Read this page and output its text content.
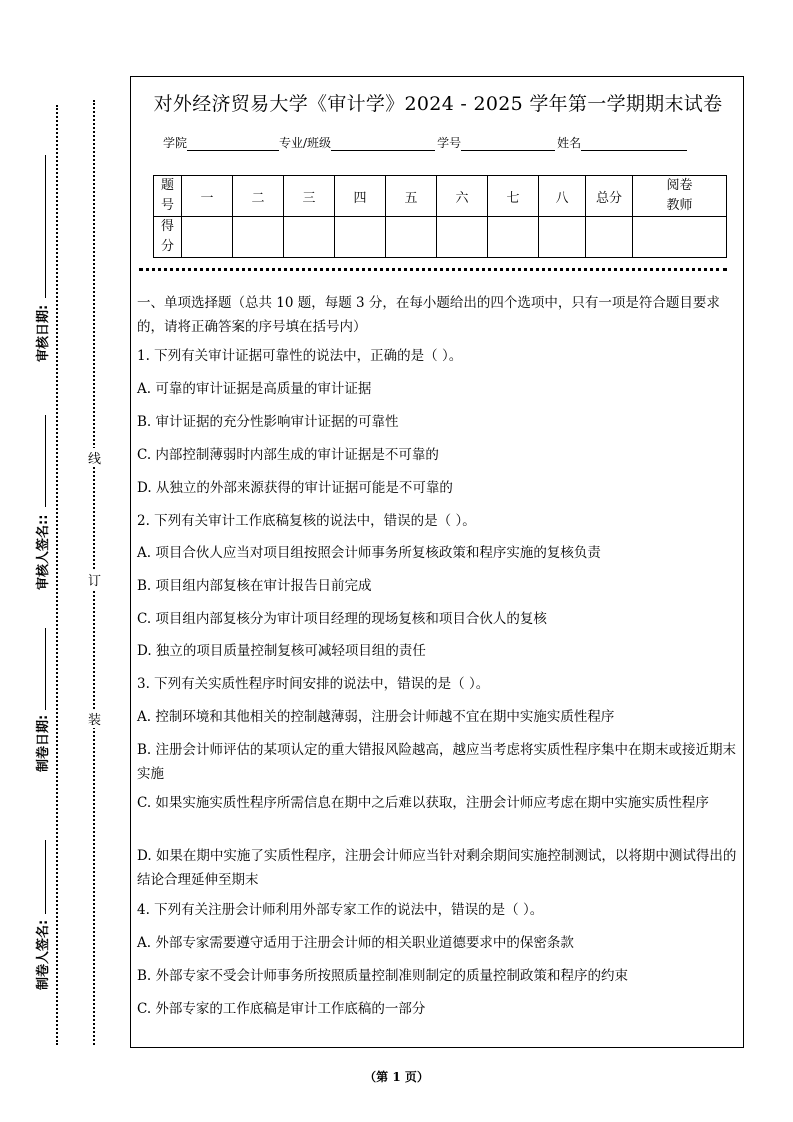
审核日期:
审核人签名::
制卷日期:
制卷人签名:
线
订
装
对外经济贸易大学《审计学》2024 - 2025 学年第一学期期末试卷
学院	专业/班级	学号	姓名
题
号	一	二	三	四	五	六	七	八	总分	阅卷
教师
得
分										
一、单项选择题（总共 10 题，每题 3 分，在每小题给出的四个选项中，只有一项是符合题目要求的，请将正确答案的序号填在括号内）
1. 下列有关审计证据可靠性的说法中，正确的是（ ）。
A. 可靠的审计证据是高质量的审计证据
B. 审计证据的充分性影响审计证据的可靠性
C. 内部控制薄弱时内部生成的审计证据是不可靠的
D. 从独立的外部来源获得的审计证据可能是不可靠的
2. 下列有关审计工作底稿复核的说法中，错误的是（ ）。
A. 项目合伙人应当对项目组按照会计师事务所复核政策和程序实施的复核负责
B. 项目组内部复核在审计报告日前完成
C. 项目组内部复核分为审计项目经理的现场复核和项目合伙人的复核
D. 独立的项目质量控制复核可减轻项目组的责任
3. 下列有关实质性程序时间安排的说法中，错误的是（ ）。
A. 控制环境和其他相关的控制越薄弱，注册会计师越不宜在期中实施实质性程序
B. 注册会计师评估的某项认定的重大错报风险越高，越应当考虑将实质性程序集中在期末或接近期末实施
C. 如果实施实质性程序所需信息在期中之后难以获取，注册会计师应考虑在期中实施实质性程序
D. 如果在期中实施了实质性程序，注册会计师应当针对剩余期间实施控制测试，以将期中测试得出的结论合理延伸至期末
4. 下列有关注册会计师利用外部专家工作的说法中，错误的是（ ）。
A. 外部专家需要遵守适用于注册会计师的相关职业道德要求中的保密条款
B. 外部专家不受会计师事务所按照质量控制准则制定的质量控制政策和程序的约束
C. 外部专家的工作底稿是审计工作底稿的一部分
（第 1 页）
